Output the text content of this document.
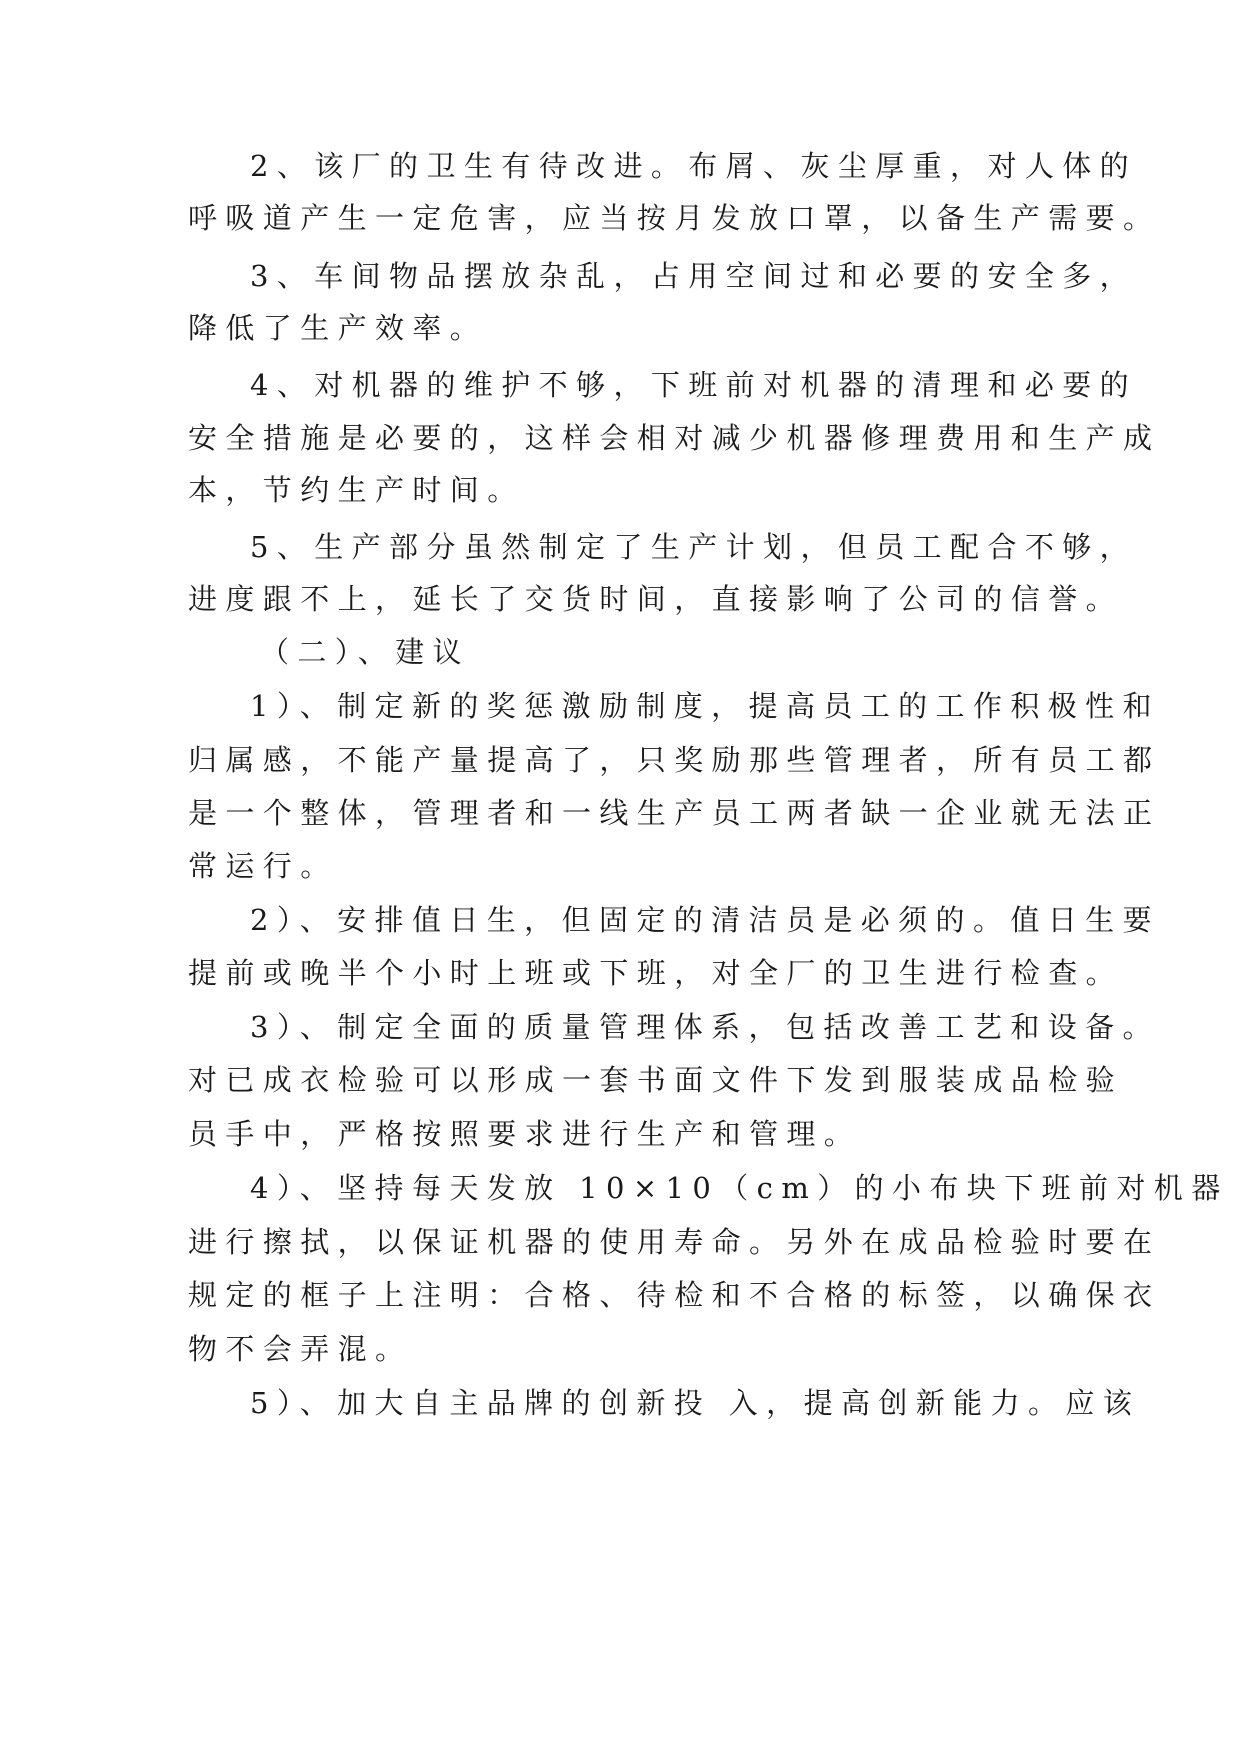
2、该厂的卫生有待改进。布屑、灰尘厚重，对人体的
呼吸道产生一定危害，应当按月发放口罩，以备生产需要。
3、车间物品摆放杂乱，占用空间过和必要的安全多，
降低了生产效率。
4、对机器的维护不够，下班前对机器的清理和必要的
安全措施是必要的，这样会相对减少机器修理费用和生产成
本，节约生产时间。
5、生产部分虽然制定了生产计划，但员工配合不够，
进度跟不上，延长了交货时间，直接影响了公司的信誉。
（二）、建议
1）、制定新的奖惩激励制度，提高员工的工作积极性和
归属感，不能产量提高了，只奖励那些管理者，所有员工都
是一个整体，管理者和一线生产员工两者缺一企业就无法正
常运行。
2）、安排值日生，但固定的清洁员是必须的。值日生要
提前或晚半个小时上班或下班，对全厂的卫生进行检查。
3）、制定全面的质量管理体系，包括改善工艺和设备。
对已成衣检验可以形成一套书面文件下发到服装成品检验
员手中，严格按照要求进行生产和管理。
4）、坚持每天发放 10×10（cm）的小布块下班前对机器
进行擦拭，以保证机器的使用寿命。另外在成品检验时要在
规定的框子上注明：合格、待检和不合格的标签，以确保衣
物不会弄混。
5）、加大自主品牌的创新投 入，提高创新能力。应该
